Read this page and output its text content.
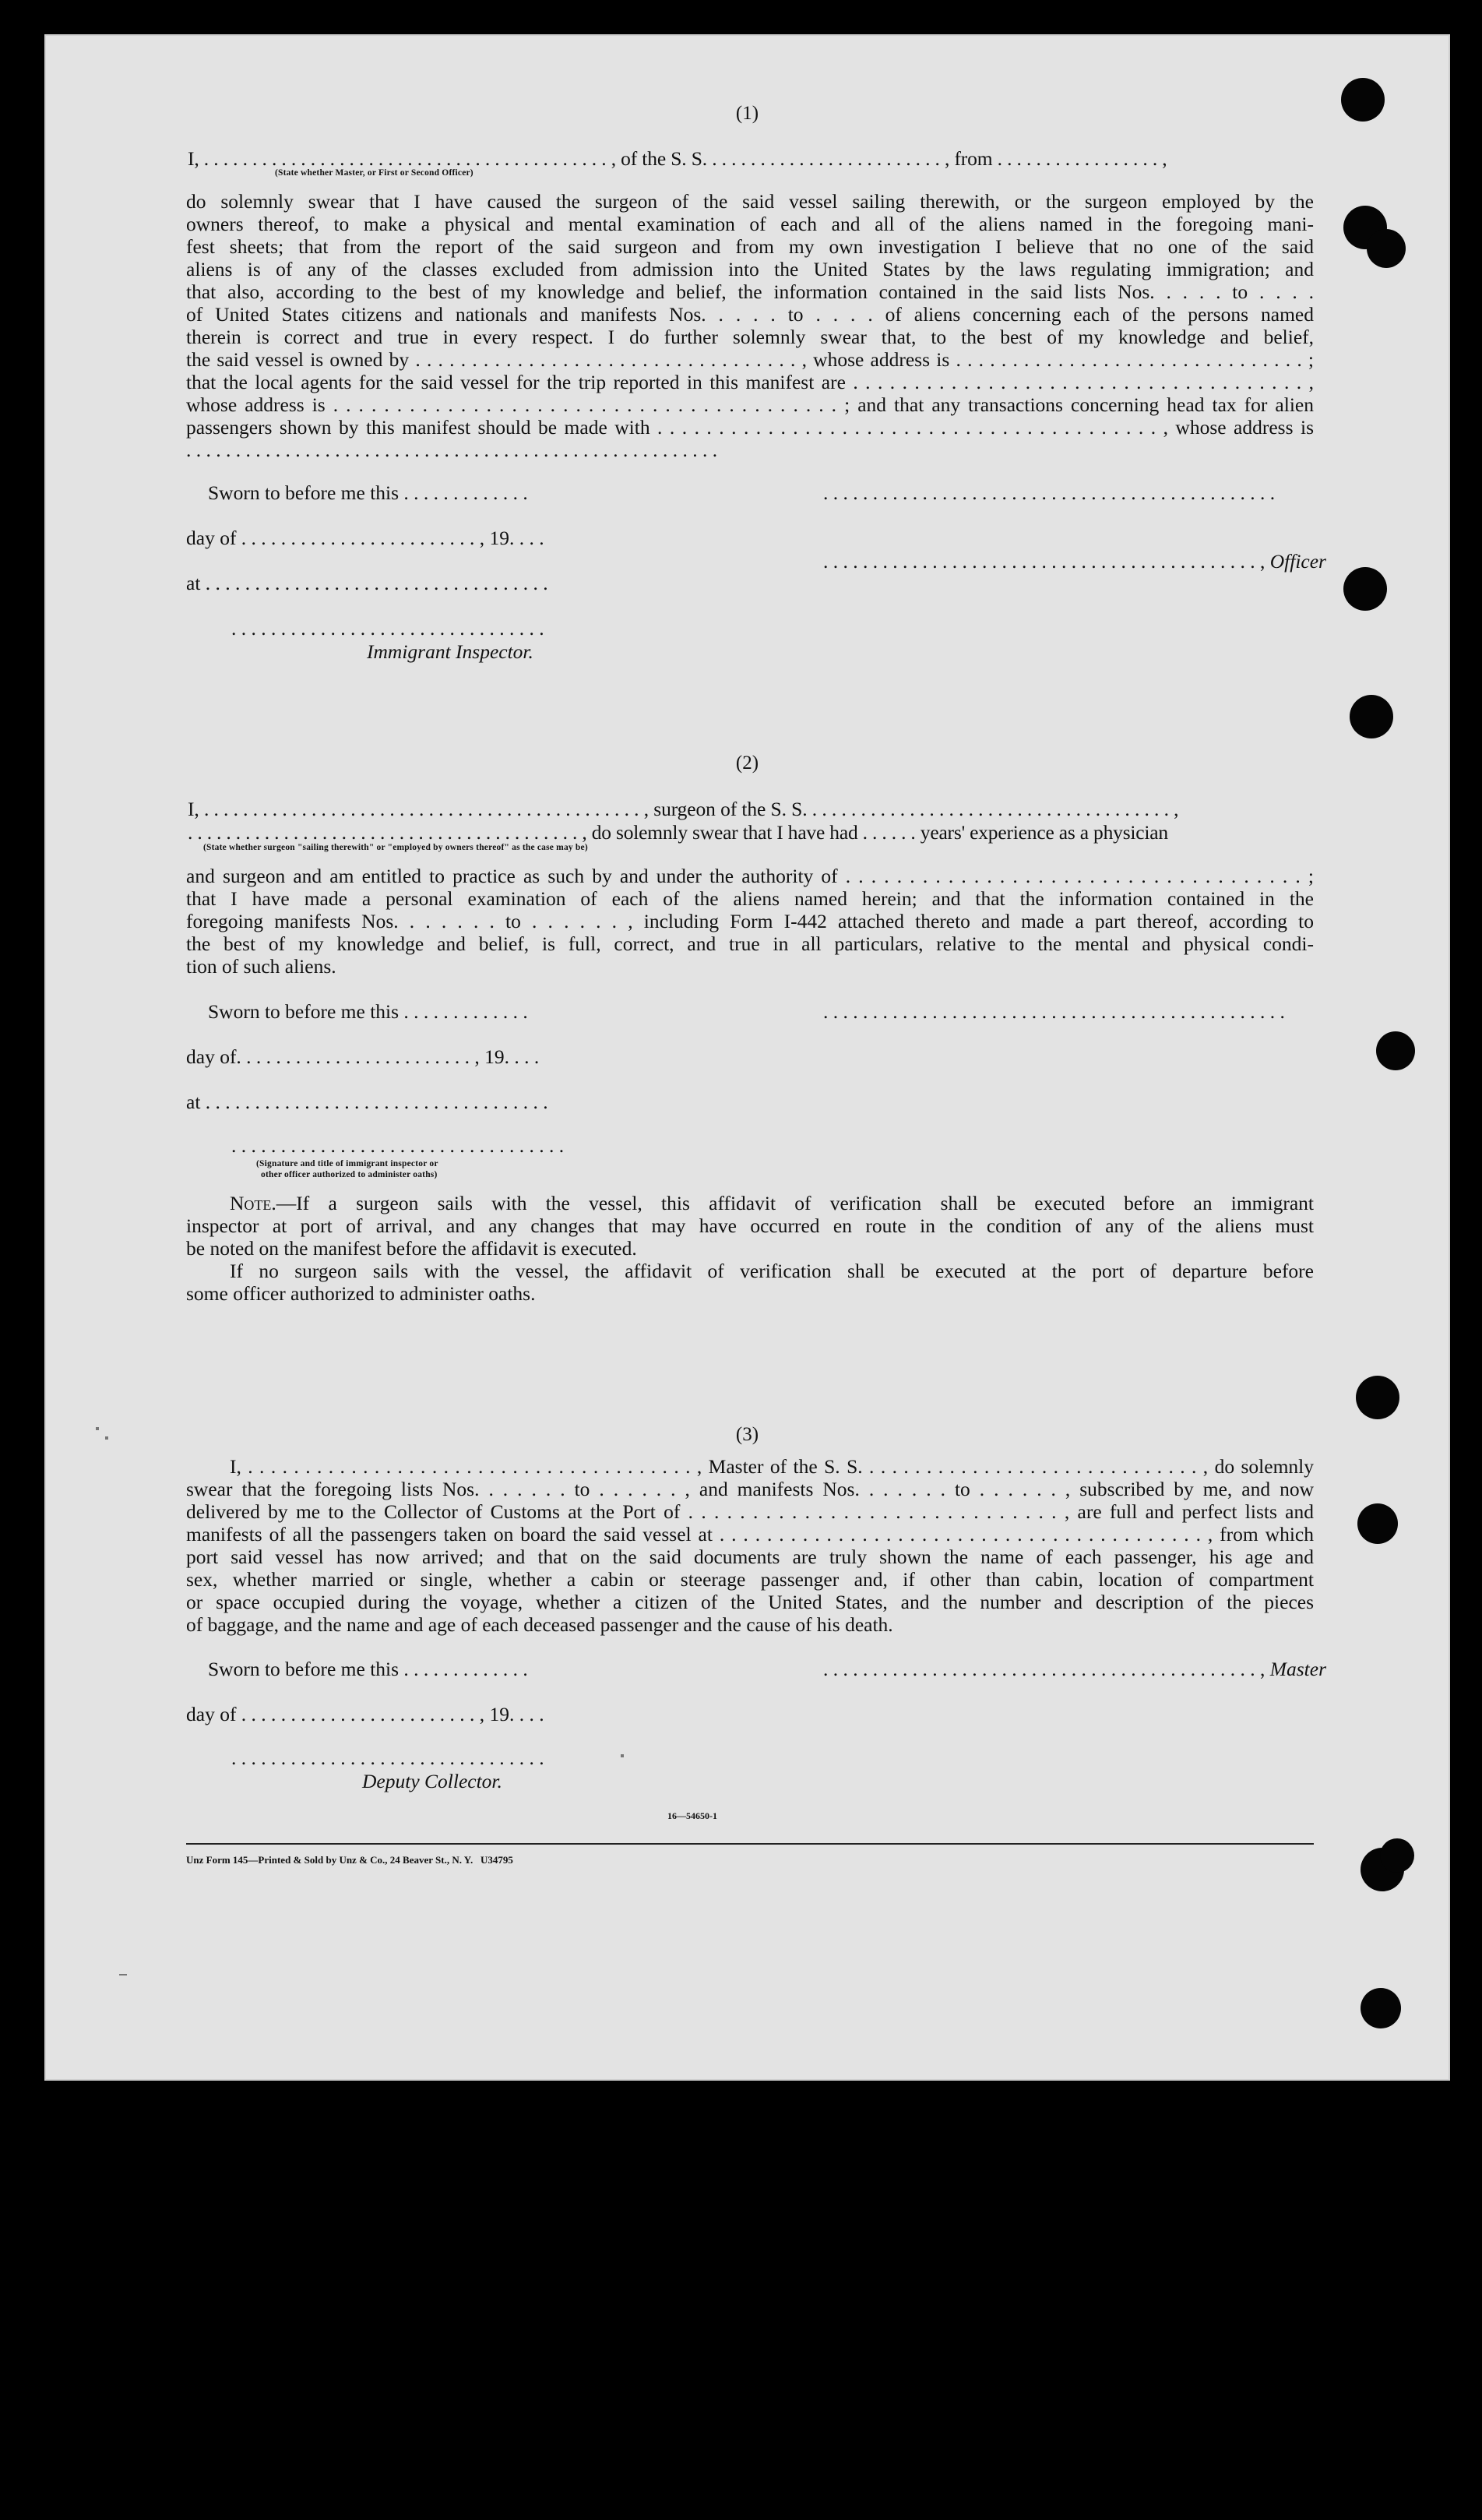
(1)
I, . . . . . . . . . . . . . . . . . . . . . . . . . . . . . . . . . . . . . . . . . . , of the S. S. . . . . . . . . . . . . . . . . . . . . . . . . , from . . . . . . . . . . . . . . . . . ,
(State whether Master, or First or Second Officer)
do solemnly swear that I have caused the surgeon of the said vessel sailing therewith, or the surgeon employed by the
owners thereof, to make a physical and mental examination of each and all of the aliens named in the foregoing mani-
fest sheets; that from the report of the said surgeon and from my own investigation I believe that no one of the said
aliens is of any of the classes excluded from admission into the United States by the laws regulating immigration; and
that also, according to the best of my knowledge and belief, the information contained in the said lists Nos. . . . . to . . . .
of United States citizens and nationals and manifests Nos. . . . . to . . . . of aliens concerning each of the persons named
therein is correct and true in every respect. I do further solemnly swear that, to the best of my knowledge and belief,
the said vessel is owned by . . . . . . . . . . . . . . . . . . . . . . . . . . . . . . . . . . , whose address is . . . . . . . . . . . . . . . . . . . . . . . . . . . . . . . ;
that the local agents for the said vessel for the trip reported in this manifest are . . . . . . . . . . . . . . . . . . . . . . . . . . . . . . . . . . . . . ,
whose address is . . . . . . . . . . . . . . . . . . . . . . . . . . . . . . . . . . . . . . . . ; and that any transactions concerning head tax for alien
passengers shown by this manifest should be made with . . . . . . . . . . . . . . . . . . . . . . . . . . . . . . . . . . . . . . . . . , whose address is
. . . . . . . . . . . . . . . . . . . . . . . . . . . . . . . . . . . . . . . . . . . . . . . . . . . . . .
Sworn to before me this . . . . . . . . . . . . .	. . . . . . . . . . . . . . . . . . . . . . . . . . . . . . . . . . . . . . . . . . . . . .
day of . . . . . . . . . . . . . . . . . . . . . . . . , 19. . . .
. . . . . . . . . . . . . . . . . . . . . . . . . . . . . . . . . . . . . . . . . . . . , Officer
at . . . . . . . . . . . . . . . . . . . . . . . . . . . . . . . . . . .
. . . . . . . . . . . . . . . . . . . . . . . . . . . . . . . .
Immigrant Inspector.
(2)
I, . . . . . . . . . . . . . . . . . . . . . . . . . . . . . . . . . . . . . . . . . . . . . , surgeon of the S. S. . . . . . . . . . . . . . . . . . . . . . . . . . . . . . . . . . . . . . ,
. . . . . . . . . . . . . . . . . . . . . . . . . . . . . . . . . . . . . . . . . , do solemnly swear that I have had . . . . . . years' experience as a physician
(State whether surgeon "sailing therewith" or "employed by owners thereof" as the case may be)
and surgeon and am entitled to practice as such by and under the authority of . . . . . . . . . . . . . . . . . . . . . . . . . . . . . . . . . . . . ;
that I have made a personal examination of each of the aliens named herein; and that the information contained in the
foregoing manifests Nos. . . . . . . to . . . . . . , including Form I-442 attached thereto and made a part thereof, according to
the best of my knowledge and belief, is full, correct, and true in all particulars, relative to the mental and physical condi-
tion of such aliens.
Sworn to before me this . . . . . . . . . . . . .	. . . . . . . . . . . . . . . . . . . . . . . . . . . . . . . . . . . . . . . . . . . . . . .
day of. . . . . . . . . . . . . . . . . . . . . . . . , 19. . . .
at . . . . . . . . . . . . . . . . . . . . . . . . . . . . . . . . . . .
. . . . . . . . . . . . . . . . . . . . . . . . . . . . . . . . . .
(Signature and title of immigrant inspector or
other officer authorized to administer oaths)
Note.—If a surgeon sails with the vessel, this affidavit of verification shall be executed before an immigrant
inspector at port of arrival, and any changes that may have occurred en route in the condition of any of the aliens must
be noted on the manifest before the affidavit is executed.
If no surgeon sails with the vessel, the affidavit of verification shall be executed at the port of departure before
some officer authorized to administer oaths.
(3)
I, . . . . . . . . . . . . . . . . . . . . . . . . . . . . . . . . . . . . . . . , Master of the S. S. . . . . . . . . . . . . . . . . . . . . . . . . . . . . . , do solemnly
swear that the foregoing lists Nos. . . . . . . to . . . . . . , and manifests Nos. . . . . . . to . . . . . . , subscribed by me, and now
delivered by me to the Collector of Customs at the Port of . . . . . . . . . . . . . . . . . . . . . . . . . . . . . , are full and perfect lists and
manifests of all the passengers taken on board the said vessel at . . . . . . . . . . . . . . . . . . . . . . . . . . . . . . . . . . . . . . . . . , from which
port said vessel has now arrived; and that on the said documents are truly shown the name of each passenger, his age and
sex, whether married or single, whether a cabin or steerage passenger and, if other than cabin, location of compartment
or space occupied during the voyage, whether a citizen of the United States, and the number and description of the pieces
of baggage, and the name and age of each deceased passenger and the cause of his death.
Sworn to before me this . . . . . . . . . . . . .	. . . . . . . . . . . . . . . . . . . . . . . . . . . . . . . . . . . . . . . . . . . . , Master
day of . . . . . . . . . . . . . . . . . . . . . . . . , 19. . . .
. . . . . . . . . . . . . . . . . . . . . . . . . . . . . . . .
Deputy Collector.
16—54650-1
Unz Form 145—Printed & Sold by Unz & Co., 24 Beaver St., N. Y.   U34795
